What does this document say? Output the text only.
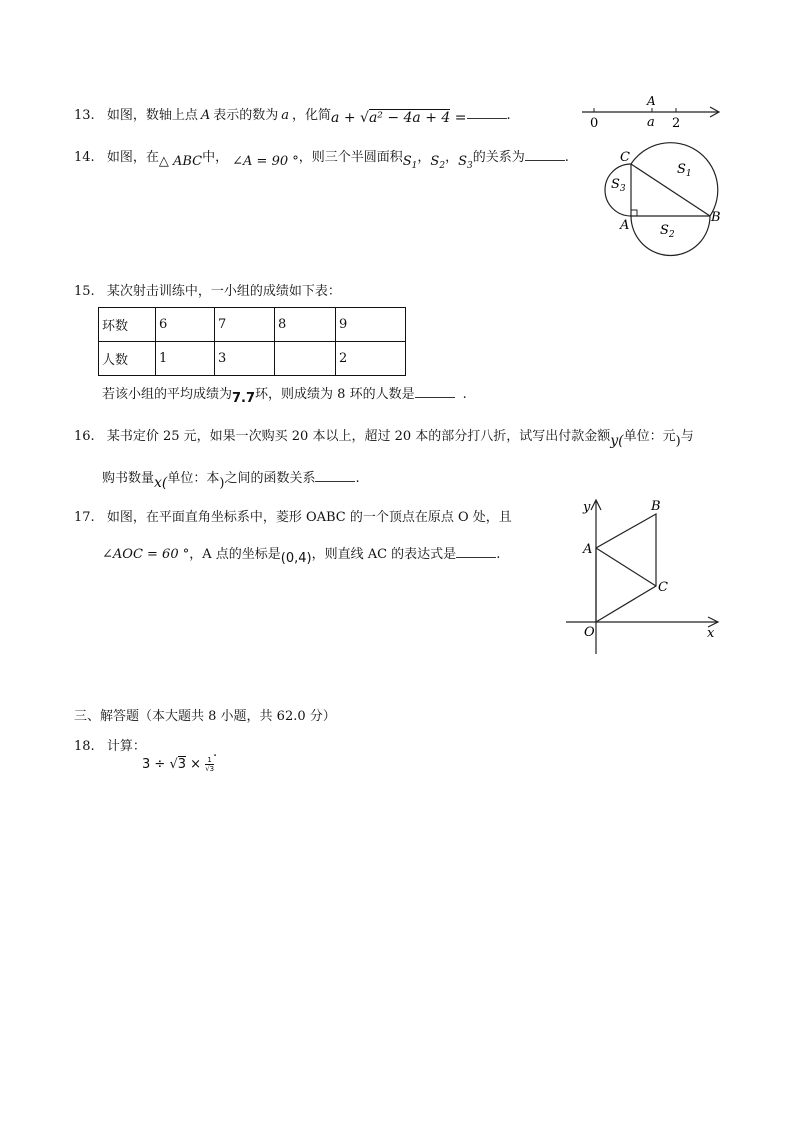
13. 如图，数轴上点 A 表示的数为 a ，化简a + √a² − 4a + 4 =	.
0
A
a 2
14. 如图，在△ ABC中， ∠A = 90 °，则三个半圆面积$S_1$，$S_2$，$S_3$的关系为	.	C
A
B
$S_1$
$S_3$
$S_2$
15. 某次射击训练中，一小组的成绩如下表：
环数	6	7	8	9
人数	1	3		2
若该小组的平均成绩为7.7环，则成绩为 8 环的人数是	.
16. 某书定价 25 元，如果一次购买 20 本以上，超过 20 本的部分打八折，试写出付款金额y(单位：元)与
购书数量x(单位：本)之间的函数关系	.
17. 如图，在平面直角坐标系中，菱形 OABC 的一个顶点在原点 O 处，且
∠AOC = 60 °，A 点的坐标是(0,4)，则直线 AC 的表达式是	.
y	B
A
C
O	x
三、解答题（本大题共 8 小题，共 62.0 分）
18. 计算：
$3 \div √3 \times \frac{1}{√3}$
.
